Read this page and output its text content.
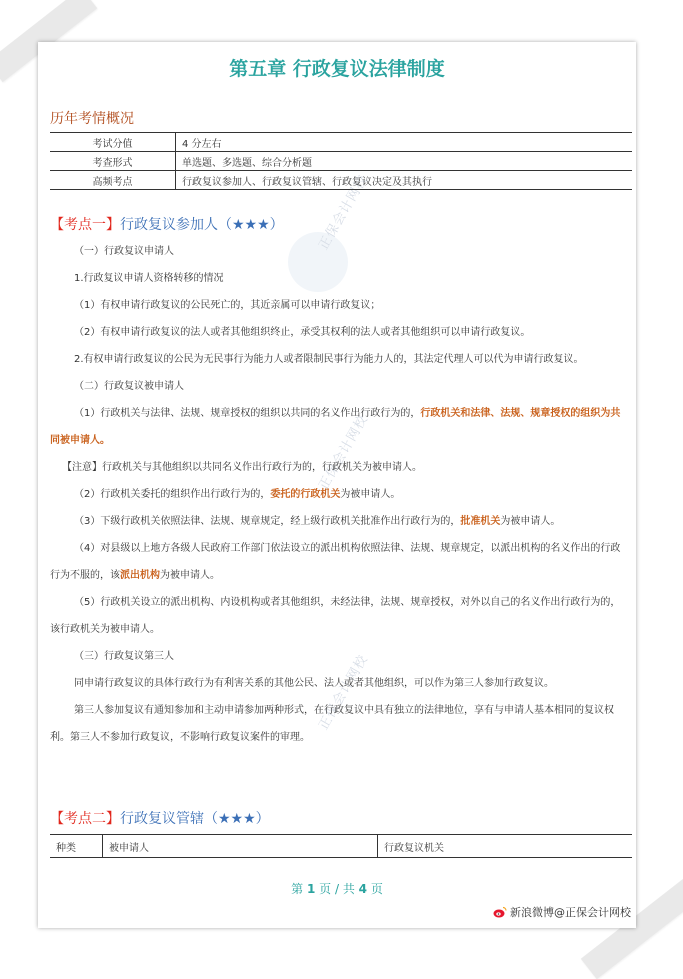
正保会计网校
正保会计网校
正保会计网校
第五章 行政复议法律制度
历年考情概况
考试分值	4 分左右
考查形式	单选题、多选题、综合分析题
高频考点	行政复议参加人、行政复议管辖、行政复议决定及其执行
【考点一】行政复议参加人（★★★）
（一）行政复议申请人
1.行政复议申请人资格转移的情况
（1）有权申请行政复议的公民死亡的，其近亲属可以申请行政复议；
（2）有权申请行政复议的法人或者其他组织终止，承受其权利的法人或者其他组织可以申请行政复议。
2.有权申请行政复议的公民为无民事行为能力人或者限制民事行为能力人的，其法定代理人可以代为申请行政复议。
（二）行政复议被申请人
（1）行政机关与法律、法规、规章授权的组织以共同的名义作出行政行为的，行政机关和法律、法规、规章授权的组织为共同被申请人。
【注意】行政机关与其他组织以共同名义作出行政行为的，行政机关为被申请人。
（2）行政机关委托的组织作出行政行为的，委托的行政机关为被申请人。
（3）下级行政机关依照法律、法规、规章规定，经上级行政机关批准作出行政行为的，批准机关为被申请人。
（4）对县级以上地方各级人民政府工作部门依法设立的派出机构依照法律、法规、规章规定，以派出机构的名义作出的行政行为不服的，该派出机构为被申请人。
（5）行政机关设立的派出机构、内设机构或者其他组织，未经法律，法规、规章授权，对外以自己的名义作出行政行为的，该行政机关为被申请人。
（三）行政复议第三人
同申请行政复议的具体行政行为有利害关系的其他公民、法人或者其他组织，可以作为第三人参加行政复议。
第三人参加复议有通知参加和主动申请参加两种形式，在行政复议中具有独立的法律地位，享有与申请人基本相同的复议权利。第三人不参加行政复议，不影响行政复议案件的审理。
【考点二】行政复议管辖（★★★）
种类	被申请人	行政复议机关
第 1 页 / 共 4 页
新浪微博@正保会计网校
